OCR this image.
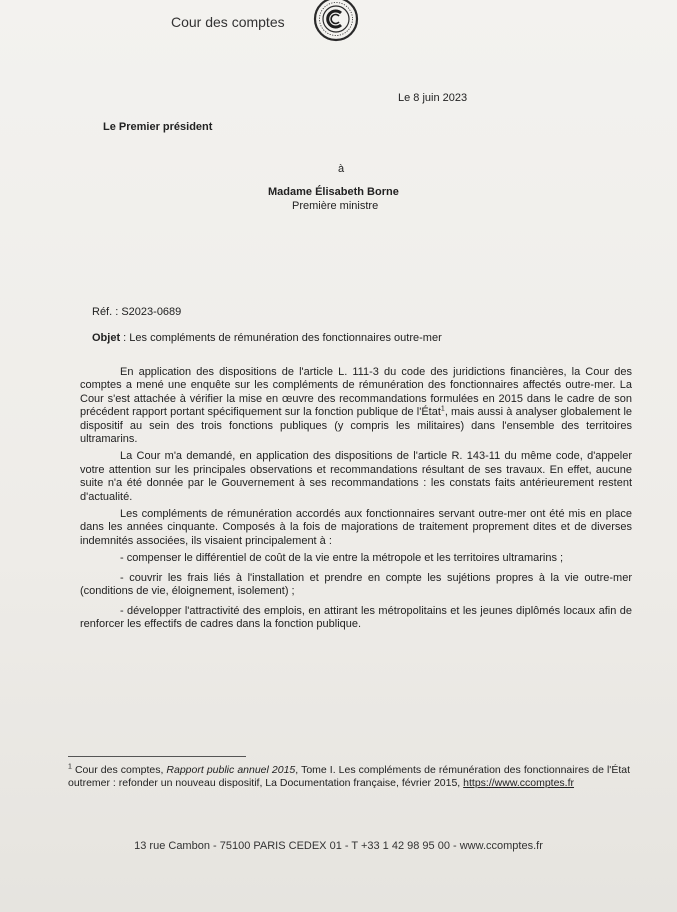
Cour des comptes
Le 8 juin 2023
Le Premier président
à
Madame Élisabeth Borne
Première ministre
Réf. : S2023-0689
Objet : Les compléments de rémunération des fonctionnaires outre-mer

En application des dispositions de l'article L. 111-3 du code des juridictions financières, la Cour des comptes a mené une enquête sur les compléments de rémunération des fonctionnaires affectés outre-mer. La Cour s'est attachée à vérifier la mise en œuvre des recommandations formulées en 2015 dans le cadre de son précédent rapport portant spécifiquement sur la fonction publique de l'État$^1$, mais aussi à analyser globalement le dispositif au sein des trois fonctions publiques (y compris les militaires) dans l'ensemble des territoires ultramarins.

La Cour m'a demandé, en application des dispositions de l'article R. 143-11 du même code, d'appeler votre attention sur les principales observations et recommandations résultant de ses travaux. En effet, aucune suite n'a été donnée par le Gouvernement à ses recommandations : les constats faits antérieurement restent d'actualité.

Les compléments de rémunération accordés aux fonctionnaires servant outre-mer ont été mis en place dans les années cinquante. Composés à la fois de majorations de traitement proprement dites et de diverses indemnités associées, ils visaient principalement à :

- compenser le différentiel de coût de la vie entre la métropole et les territoires ultramarins ;

- couvrir les frais liés à l'installation et prendre en compte les sujétions propres à la vie outre-mer (conditions de vie, éloignement, isolement) ;

- développer l'attractivité des emplois, en attirant les métropolitains et les jeunes diplômés locaux afin de renforcer les effectifs de cadres dans la fonction publique.

$^1$ Cour des comptes, Rapport public annuel 2015, Tome I. Les compléments de rémunération des fonctionnaires de l'État outremer : refonder un nouveau dispositif, La Documentation française, février 2015, https://www.ccomptes.fr
13 rue Cambon - 75100 PARIS CEDEX 01 - T +33 1 42 98 95 00 - www.ccomptes.fr
